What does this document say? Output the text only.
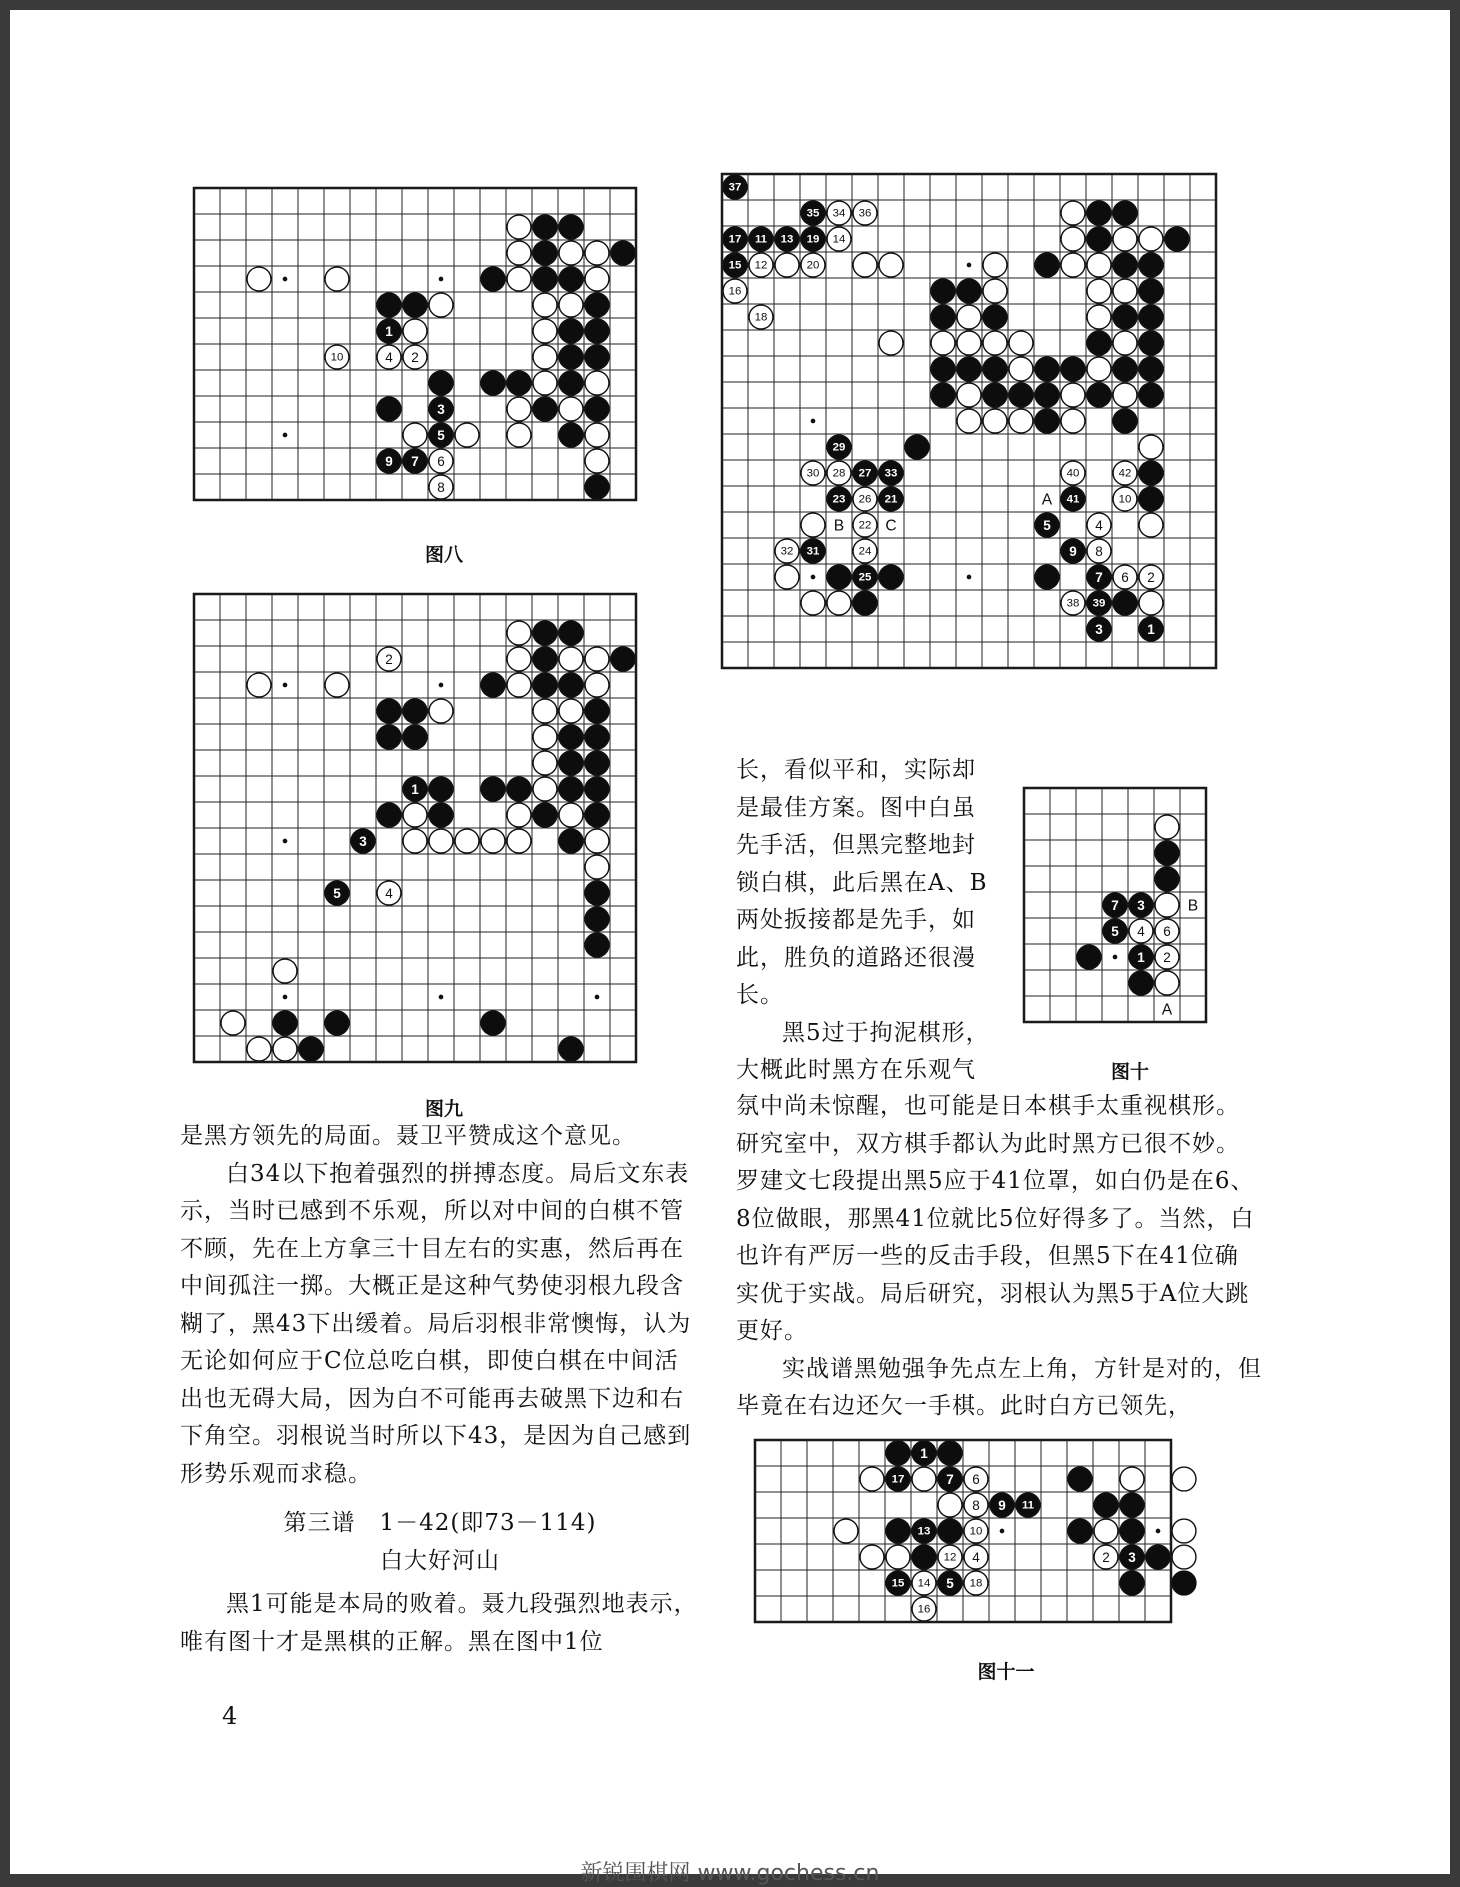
1
10	4 2
3
5
9 7 6
8
图八
2
1
3
5	4
图九
37
35 34 36
17 11 13 19 14
15 12	20
16
18
29
30 28 27 33	40	42
23 26 21	41	10
22	5	4
32 31	24	9 8
25	7 6 2
38 39
3	1
B	C
A
7 3
5 4 6
1 2
B
A
图十
1
17	7 6
8 9 11
13	10
12 4	2 3
15 14 5 18
16
图十一

是黑方领先的局面。聂卫平赞成这个意见。

白34以下抱着强烈的拼搏态度。局后文东表示，当时已感到不乐观，所以对中间的白棋不管不顾，先在上方拿三十目左右的实惠，然后再在中间孤注一掷。大概正是这种气势使羽根九段含糊了，黑43下出缓着。局后羽根非常懊悔，认为无论如何应于C位总吃白棋，即使白棋在中间活出也无碍大局，因为白不可能再去破黑下边和右下角空。羽根说当时所以下43，是因为自己感到形势乐观而求稳。

第三谱　1－42(即73－114)

白大好河山

黑1可能是本局的败着。聂九段强烈地表示，唯有图十才是黑棋的正解。黑在图中1位

长，看似平和，实际却是最佳方案。图中白虽先手活，但黑完整地封锁白棋，此后黑在A、B两处扳接都是先手，如此，胜负的道路还很漫长。

黑5过于拘泥棋形，大概此时黑方在乐观气

氛中尚未惊醒，也可能是日本棋手太重视棋形。研究室中，双方棋手都认为此时黑方已很不妙。罗建文七段提出黑5应于41位罩，如白仍是在6、8位做眼，那黑41位就比5位好得多了。当然，白也许有严厉一些的反击手段，但黑5下在41位确实优于实战。局后研究，羽根认为黑5于A位大跳更好。

实战谱黑勉强争先点左上角，方针是对的，但毕竟在右边还欠一手棋。此时白方已领先，

4
新锐围棋网 www.gochess.cn
